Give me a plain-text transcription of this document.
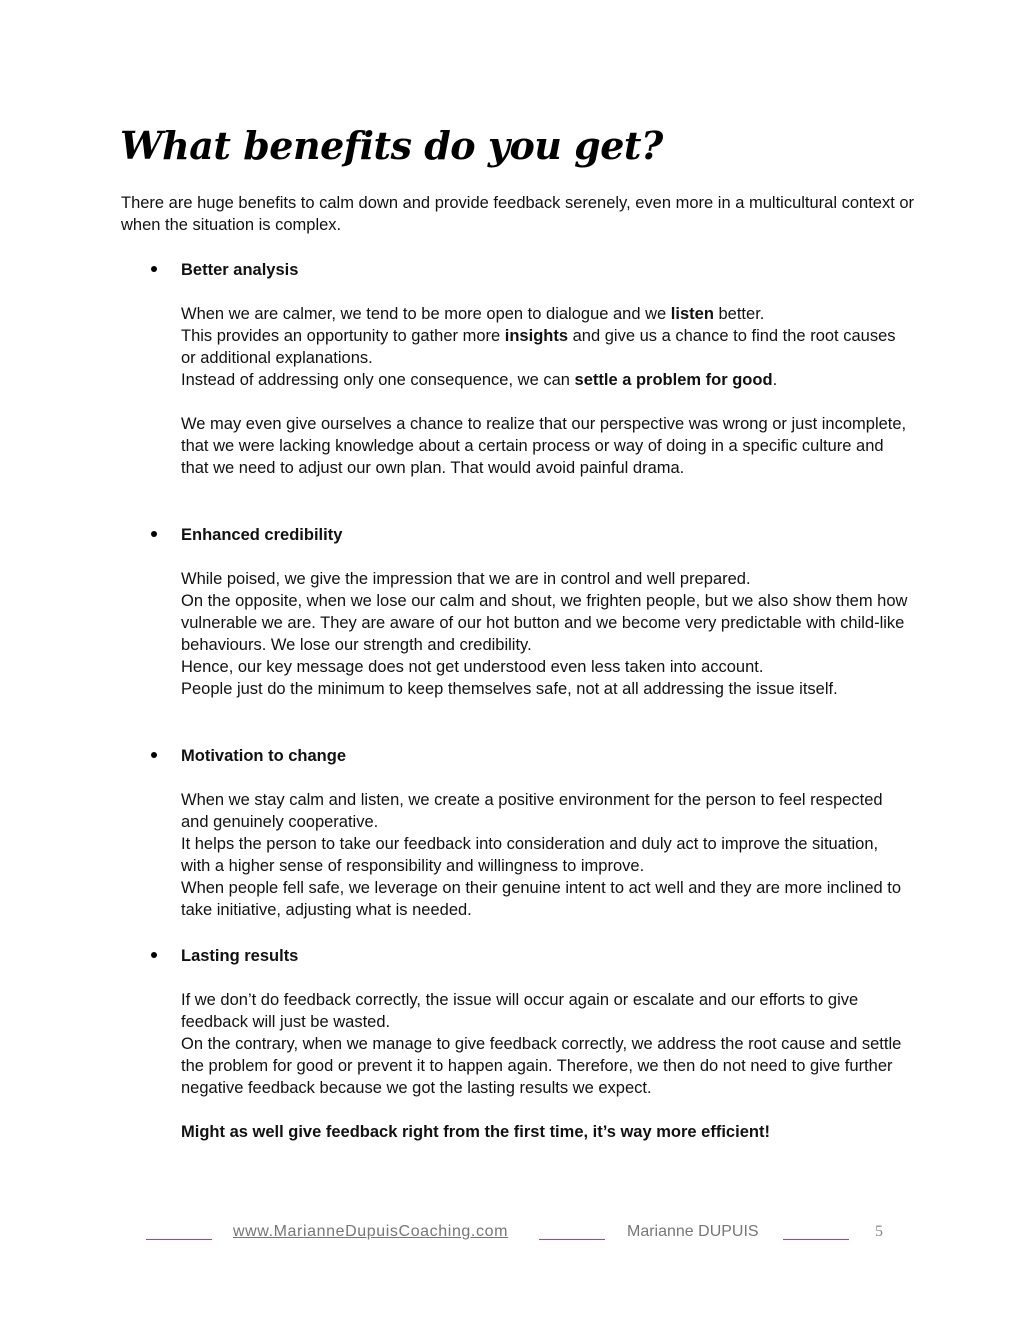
What benefits do you get?

There are huge benefits to calm down and provide feedback serenely, even more in a multicultural context or when the situation is complex.

Better analysis

When we are calmer, we tend to be more open to dialogue and we listen better.
This provides an opportunity to gather more insights and give us a chance to find the root causes or additional explanations.
Instead of addressing only one consequence, we can settle a problem for good.

We may even give ourselves a chance to realize that our perspective was wrong or just incomplete, that we were lacking knowledge about a certain process or way of doing in a specific culture and that we need to adjust our own plan. That would avoid painful drama.

Enhanced credibility

While poised, we give the impression that we are in control and well prepared.
On the opposite, when we lose our calm and shout, we frighten people, but we also show them how vulnerable we are. They are aware of our hot button and we become very predictable with child-like behaviours. We lose our strength and credibility.
Hence, our key message does not get understood even less taken into account.
People just do the minimum to keep themselves safe, not at all addressing the issue itself.

Motivation to change

When we stay calm and listen, we create a positive environment for the person to feel respected and genuinely cooperative.
It helps the person to take our feedback into consideration and duly act to improve the situation, with a higher sense of responsibility and willingness to improve.
When people fell safe, we leverage on their genuine intent to act well and they are more inclined to take initiative, adjusting what is needed.

Lasting results

If we don’t do feedback correctly, the issue will occur again or escalate and our efforts to give feedback will just be wasted.
On the contrary, when we manage to give feedback correctly, we address the root cause and settle the problem for good or prevent it to happen again. Therefore, we then do not need to give further negative feedback because we got the lasting results we expect.

Might as well give feedback right from the first time, it’s way more efficient!

www.MarianneDupuisCoaching.com	Marianne DUPUIS	5
